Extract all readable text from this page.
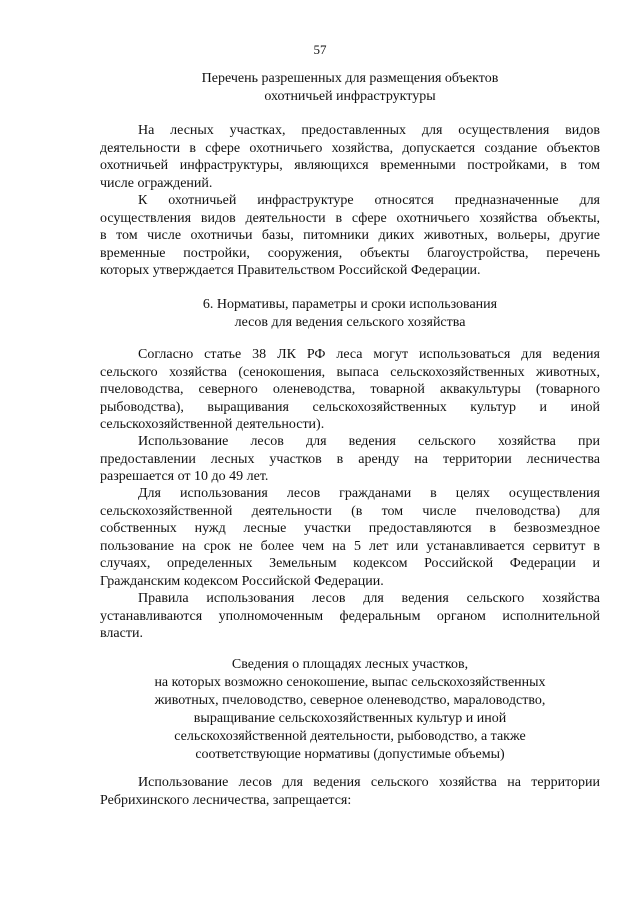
57
Перечень разрешенных для размещения объектов
охотничьей инфраструктуры
На лесных участках, предоставленных для осуществления видов
деятельности в сфере охотничьего хозяйства, допускается создание объектов
охотничьей инфраструктуры, являющихся временными постройками, в том
числе ограждений.
К охотничьей инфраструктуре относятся предназначенные для
осуществления видов деятельности в сфере охотничьего хозяйства объекты,
в том числе охотничьи базы, питомники диких животных, вольеры, другие
временные постройки, сооружения, объекты благоустройства, перечень
которых утверждается Правительством Российской Федерации.
6. Нормативы, параметры и сроки использования
лесов для ведения сельского хозяйства
Согласно статье 38 ЛК РФ леса могут использоваться для ведения
сельского хозяйства (сенокошения, выпаса сельскохозяйственных животных,
пчеловодства, северного оленеводства, товарной аквакультуры (товарного
рыбоводства), выращивания сельскохозяйственных культур и иной
сельскохозяйственной деятельности).
Использование лесов для ведения сельского хозяйства при
предоставлении лесных участков в аренду на территории лесничества
разрешается от 10 до 49 лет.
Для использования лесов гражданами в целях осуществления
сельскохозяйственной деятельности (в том числе пчеловодства) для
собственных нужд лесные участки предоставляются в безвозмездное
пользование на срок не более чем на 5 лет или устанавливается сервитут в
случаях, определенных Земельным кодексом Российской Федерации и
Гражданским кодексом Российской Федерации.
Правила использования лесов для ведения сельского хозяйства
устанавливаются уполномоченным федеральным органом исполнительной
власти.
Сведения о площадях лесных участков,
на которых возможно сенокошение, выпас сельскохозяйственных
животных, пчеловодство, северное оленеводство, мараловодство,
выращивание сельскохозяйственных культур и иной
сельскохозяйственной деятельности, рыбоводство, а также
соответствующие нормативы (допустимые объемы)
Использование лесов для ведения сельского хозяйства на территории
Ребрихинского лесничества, запрещается:
